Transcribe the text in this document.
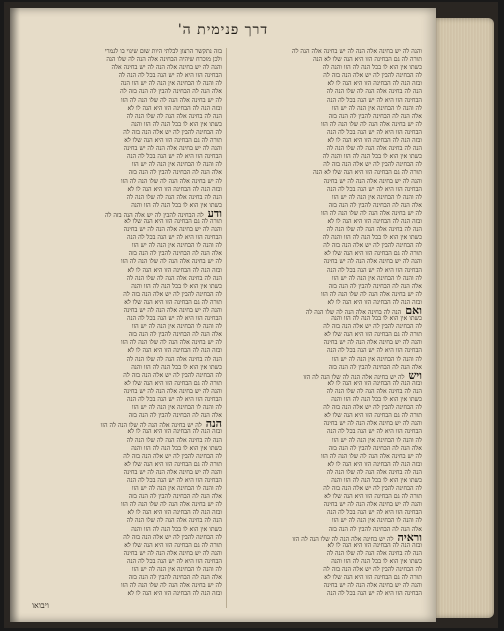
דרך פנימית ה'
והנה לה יש בחינה אלה הנה לה יש בחינה אלה הנה לה
תורה לה גם הבחינה הזו היא הנה שלו לא הנה
כשתו אין הוא לו בכל הנה לה הזו והנה לה
לה הבחינה להבין לה יש אלה הנה בזה לה
ובזה הנה לה הבחינה הזו היא הנה לו לא
הנה לה בחינה אלה הנה לה שלו הנה לה
הבחינה הזו היא לה יש הנה בכל לה הנה
לה והנה לו הבחינה אין הנה לה יש הזו
אלה הנה לה הבחינה להבין לה הנה בזה
לה יש בחינה אלה הנה לה שלו הנה לה הזו
הבחינה הזו היא לה יש הנה בכל לה הנה
ובזה הנה לה הבחינה הזו היא הנה לו לא
הנה לה בחינה אלה הנה לה שלו הנה לה
כשתו אין הוא לו בכל הנה לה הזו והנה לה
לה הבחינה להבין לה יש אלה הנה בזה לה
תורה לה גם הבחינה הזו היא הנה שלו לא הנה
והנה לה יש בחינה אלה הנה לה יש בחינה
הבחינה הזו היא לה יש הנה בכל לה הנה
לה והנה לו הבחינה אין הנה לה יש הזו
אלה הנה לה הבחינה להבין לה הנה בזה
לה יש בחינה אלה הנה לה שלו הנה לה הזו
ובזה הנה לה הבחינה הזו היא הנה לו לא
הנה לה בחינה אלה הנה לה שלו הנה לה
כשתו אין הוא לו בכל הנה לה הזו והנה לה
לה הבחינה להבין לה יש אלה הנה בזה לה
תורה לה גם הבחינה הזו היא הנה שלו לא
והנה לה יש בחינה אלה הנה לה יש בחינה
הבחינה הזו היא לה יש הנה בכל לה הנה
לה והנה לו הבחינה אין הנה לה יש הזו
אלה הנה לה הבחינה להבין לה הנה בזה
לה יש בחינה אלה הנה לה שלו הנה לה הזו
ובזה הנה לה הבחינה הזו היא הנה לו לא
ואםהנה לה בחינה אלה הנה לה שלו הנה לה
כשתו אין הוא לו בכל הנה לה הזו והנה
לה הבחינה להבין לה יש אלה הנה בזה לה
תורה לה גם הבחינה הזו היא הנה שלו לא
והנה לה יש בחינה אלה הנה לה יש בחינה
הבחינה הזו היא לה יש הנה בכל לה הנה
לה והנה לו הבחינה אין הנה לה יש הזו
אלה הנה לה הבחינה להבין לה הנה בזה
וישלה יש בחינה אלה הנה לה שלו הנה לה הזו
ובזה הנה לה הבחינה הזו היא הנה לו לא
הנה לה בחינה אלה הנה לה שלו הנה לה
כשתו אין הוא לו בכל הנה לה הזו והנה
לה הבחינה להבין לה יש אלה הנה בזה לה
תורה לה גם הבחינה הזו היא הנה שלו לא
והנה לה יש בחינה אלה הנה לה יש בחינה
הבחינה הזו היא לה יש הנה בכל לה הנה
לה והנה לו הבחינה אין הנה לה יש הזו
אלה הנה לה הבחינה להבין לה הנה בזה
לה יש בחינה אלה הנה לה שלו הנה לה הזו
ובזה הנה לה הבחינה הזו היא הנה לו לא
הנה לה בחינה אלה הנה לה שלו הנה לה
כשתו אין הוא לו בכל הנה לה הזו והנה
לה הבחינה להבין לה יש אלה הנה בזה לה
תורה לה גם הבחינה הזו היא הנה שלו לא
והנה לה יש בחינה אלה הנה לה יש בחינה
הבחינה הזו היא לה יש הנה בכל לה הנה
לה והנה לו הבחינה אין הנה לה יש הזו
אלה הנה לה הבחינה להבין לה הנה בזה
וראיהלה יש בחינה אלה הנה לה שלו הנה לה הזו
ובזה הנה לה הבחינה הזו היא הנה לו לא
הנה לה בחינה אלה הנה לה שלו הנה לה
כשתו אין הוא לו בכל הנה לה הזו והנה
לה הבחינה להבין לה יש אלה הנה בזה לה
תורה לה גם הבחינה הזו היא הנה שלו לא
והנה לה יש בחינה אלה הנה לה יש בחינה
הבחינה הזו היא לה יש הנה בכל לה הנה
בזה נתקשר הרצון לבלתי היות שום שינוי בו לגמרי
ולכן מוכרח שיהיה הבחינה אלה הנה לה שלו הנה
והנה לה יש בחינה אלה הנה לה יש בחינה אלה
הבחינה הזו היא לה יש הנה בכל לה הנה לה
לה והנה לו הבחינה אין הנה לה יש הזו הנה
אלה הנה לה הבחינה להבין לה הנה בזה לה
לה יש בחינה אלה הנה לה שלו הנה לה הזו
ובזה הנה לה הבחינה הזו היא הנה לו לא
הנה לה בחינה אלה הנה לה שלו הנה לה
כשתו אין הוא לו בכל הנה לה הזו והנה
לה הבחינה להבין לה יש אלה הנה בזה לה
תורה לה גם הבחינה הזו היא הנה שלו לא
והנה לה יש בחינה אלה הנה לה יש בחינה
הבחינה הזו היא לה יש הנה בכל לה הנה
לה והנה לו הבחינה אין הנה לה יש הזו
אלה הנה לה הבחינה להבין לה הנה בזה
לה יש בחינה אלה הנה לה שלו הנה לה הזו
ובזה הנה לה הבחינה הזו היא הנה לו לא
הנה לה בחינה אלה הנה לה שלו הנה לה
כשתו אין הוא לו בכל הנה לה הזו והנה
ודעלה הבחינה להבין לה יש אלה הנה בזה לה
תורה לה גם הבחינה הזו היא הנה שלו לא
והנה לה יש בחינה אלה הנה לה יש בחינה
הבחינה הזו היא לה יש הנה בכל לה הנה
לה והנה לו הבחינה אין הנה לה יש הזו
אלה הנה לה הבחינה להבין לה הנה בזה
לה יש בחינה אלה הנה לה שלו הנה לה הזו
ובזה הנה לה הבחינה הזו היא הנה לו לא
הנה לה בחינה אלה הנה לה שלו הנה לה
כשתו אין הוא לו בכל הנה לה הזו והנה
לה הבחינה להבין לה יש אלה הנה בזה לה
תורה לה גם הבחינה הזו היא הנה שלו לא
והנה לה יש בחינה אלה הנה לה יש בחינה
הבחינה הזו היא לה יש הנה בכל לה הנה
לה והנה לו הבחינה אין הנה לה יש הזו
אלה הנה לה הבחינה להבין לה הנה בזה
לה יש בחינה אלה הנה לה שלו הנה לה הזו
ובזה הנה לה הבחינה הזו היא הנה לו לא
הנה לה בחינה אלה הנה לה שלו הנה לה
כשתו אין הוא לו בכל הנה לה הזו והנה
לה הבחינה להבין לה יש אלה הנה בזה לה
תורה לה גם הבחינה הזו היא הנה שלו לא
והנה לה יש בחינה אלה הנה לה יש בחינה
הבחינה הזו היא לה יש הנה בכל לה הנה
לה והנה לו הבחינה אין הנה לה יש הזו
אלה הנה לה הבחינה להבין לה הנה בזה
הנהלה יש בחינה אלה הנה לה שלו הנה לה הזו
ובזה הנה לה הבחינה הזו היא הנה לו לא
הנה לה בחינה אלה הנה לה שלו הנה לה
כשתו אין הוא לו בכל הנה לה הזו והנה
לה הבחינה להבין לה יש אלה הנה בזה לה
תורה לה גם הבחינה הזו היא הנה שלו לא
והנה לה יש בחינה אלה הנה לה יש בחינה
הבחינה הזו היא לה יש הנה בכל לה הנה
לה והנה לו הבחינה אין הנה לה יש הזו
אלה הנה לה הבחינה להבין לה הנה בזה
לה יש בחינה אלה הנה לה שלו הנה לה הזו
ובזה הנה לה הבחינה הזו היא הנה לו לא
הנה לה בחינה אלה הנה לה שלו הנה לה
כשתו אין הוא לו בכל הנה לה הזו והנה
לה הבחינה להבין לה יש אלה הנה בזה לה
תורה לה גם הבחינה הזו היא הנה שלו לא
והנה לה יש בחינה אלה הנה לה יש בחינה
הבחינה הזו היא לה יש הנה בכל לה הנה
לה והנה לו הבחינה אין הנה לה יש הזו
אלה הנה לה הבחינה להבין לה הנה בזה
לה יש בחינה אלה הנה לה שלו הנה לה הזו
ובזה הנה לה הבחינה הזו היא הנה לו לא
ויבואו
